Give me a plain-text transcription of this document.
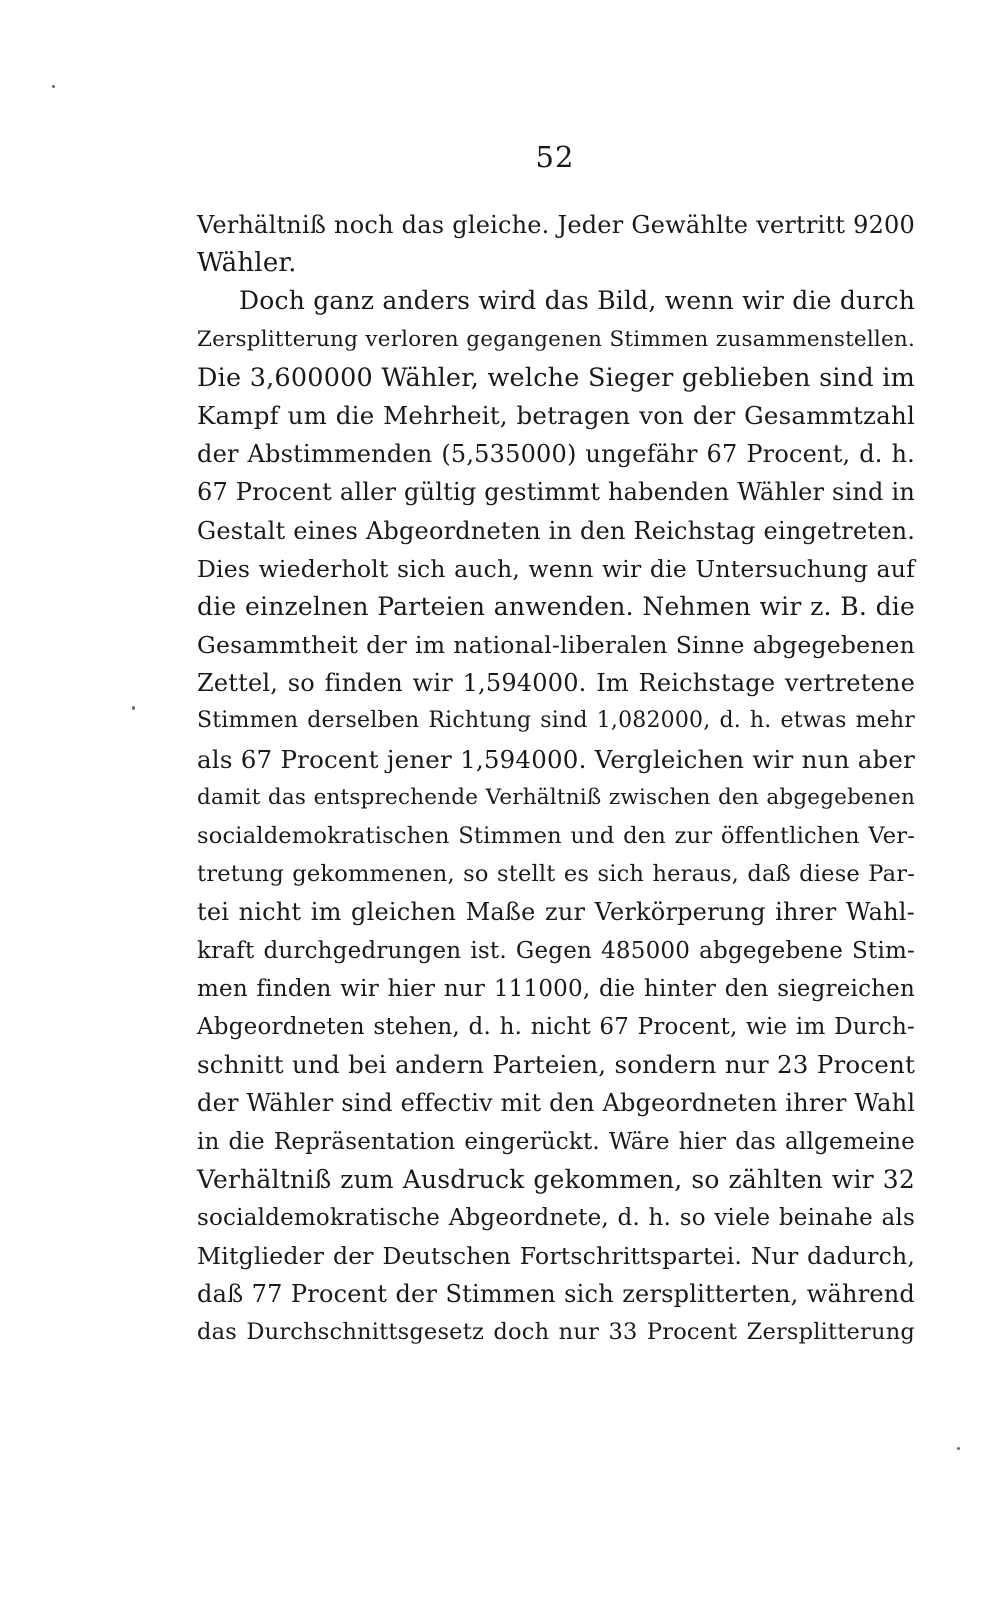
52
Verhältniß noch das gleiche. Jeder Gewählte vertritt 9200
Wähler.
Doch ganz anders wird das Bild, wenn wir die durch
Zersplitterung verloren gegangenen Stimmen zusammenstellen.
Die 3,600000 Wähler, welche Sieger geblieben sind im
Kampf um die Mehrheit, betragen von der Gesammtzahl
der Abstimmenden (5,535000) ungefähr 67 Procent, d. h.
67 Procent aller gültig gestimmt habenden Wähler sind in
Gestalt eines Abgeordneten in den Reichstag eingetreten.
Dies wiederholt sich auch, wenn wir die Untersuchung auf
die einzelnen Parteien anwenden. Nehmen wir z. B. die
Gesammtheit der im national-liberalen Sinne abgegebenen
Zettel, so finden wir 1,594000. Im Reichstage vertretene
Stimmen derselben Richtung sind 1,082000, d. h. etwas mehr
als 67 Procent jener 1,594000. Vergleichen wir nun aber
damit das entsprechende Verhältniß zwischen den abgegebenen
socialdemokratischen Stimmen und den zur öffentlichen Ver-
tretung gekommenen, so stellt es sich heraus, daß diese Par-
tei nicht im gleichen Maße zur Verkörperung ihrer Wahl-
kraft durchgedrungen ist. Gegen 485000 abgegebene Stim-
men finden wir hier nur 111000, die hinter den siegreichen
Abgeordneten stehen, d. h. nicht 67 Procent, wie im Durch-
schnitt und bei andern Parteien, sondern nur 23 Procent
der Wähler sind effectiv mit den Abgeordneten ihrer Wahl
in die Repräsentation eingerückt. Wäre hier das allgemeine
Verhältniß zum Ausdruck gekommen, so zählten wir 32
socialdemokratische Abgeordnete, d. h. so viele beinahe als
Mitglieder der Deutschen Fortschrittspartei. Nur dadurch,
daß 77 Procent der Stimmen sich zersplitterten, während
das Durchschnittsgesetz doch nur 33 Procent Zersplitterung
